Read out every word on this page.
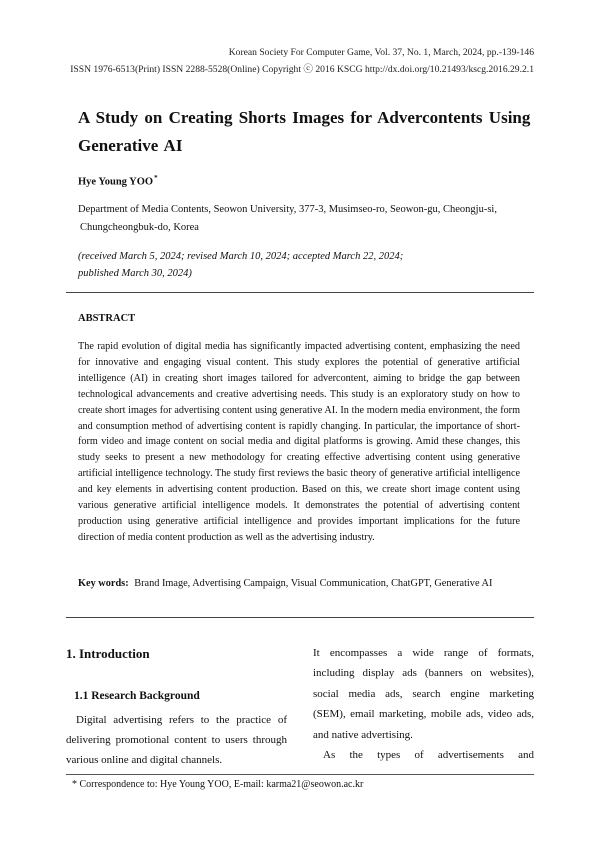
Korean Society For Computer Game, Vol. 37, No. 1, March, 2024, pp.-139-146
ISSN 1976-6513(Print) ISSN 2288-5528(Online) Copyright ⓒ 2016 KSCG http://dx.doi.org/10.21493/kscg.2016.29.2.1
A Study on Creating Shorts Images for Advercontents Using Generative AI
Hye Young YOO*
Department of Media Contents, Seowon University, 377-3, Musimseo-ro, Seowon-gu, Cheongju-si,
Chungcheongbuk-do, Korea
(received March 5, 2024; revised March 10, 2024; accepted March 22, 2024;
published March 30, 2024)
ABSTRACT
The rapid evolution of digital media has significantly impacted advertising content, emphasizing the need for innovative and engaging visual content. This study explores the potential of generative artificial intelligence (AI) in creating short images tailored for advercontent, aiming to bridge the gap between technological advancements and creative advertising needs. This study is an exploratory study on how to create short images for advertising content using generative AI. In the modern media environment, the form and consumption method of advertising content is rapidly changing. In particular, the importance of short-form video and image content on social media and digital platforms is growing. Amid these changes, this study seeks to present a new methodology for creating effective advertising content using generative artificial intelligence technology. The study first reviews the basic theory of generative artificial intelligence and key elements in advertising content production. Based on this, we create short image content using various generative artificial intelligence models. It demonstrates the potential of advertising content production using generative artificial intelligence and provides important implications for the future direction of media content production as well as the advertising industry.
Key words: Brand Image, Advertising Campaign, Visual Communication, ChatGPT, Generative AI
1. Introduction
1.1 Research Background
Digital advertising refers to the practice of delivering promotional content to users through various online and digital channels.

It encompasses a wide range of formats, including display ads (banners on websites), social media ads, search engine marketing (SEM), email marketing, mobile ads, video ads, and native advertising.

As the types of advertisements and

* Correspondence to: Hye Young YOO, E-mail: karma21@seowon.ac.kr
